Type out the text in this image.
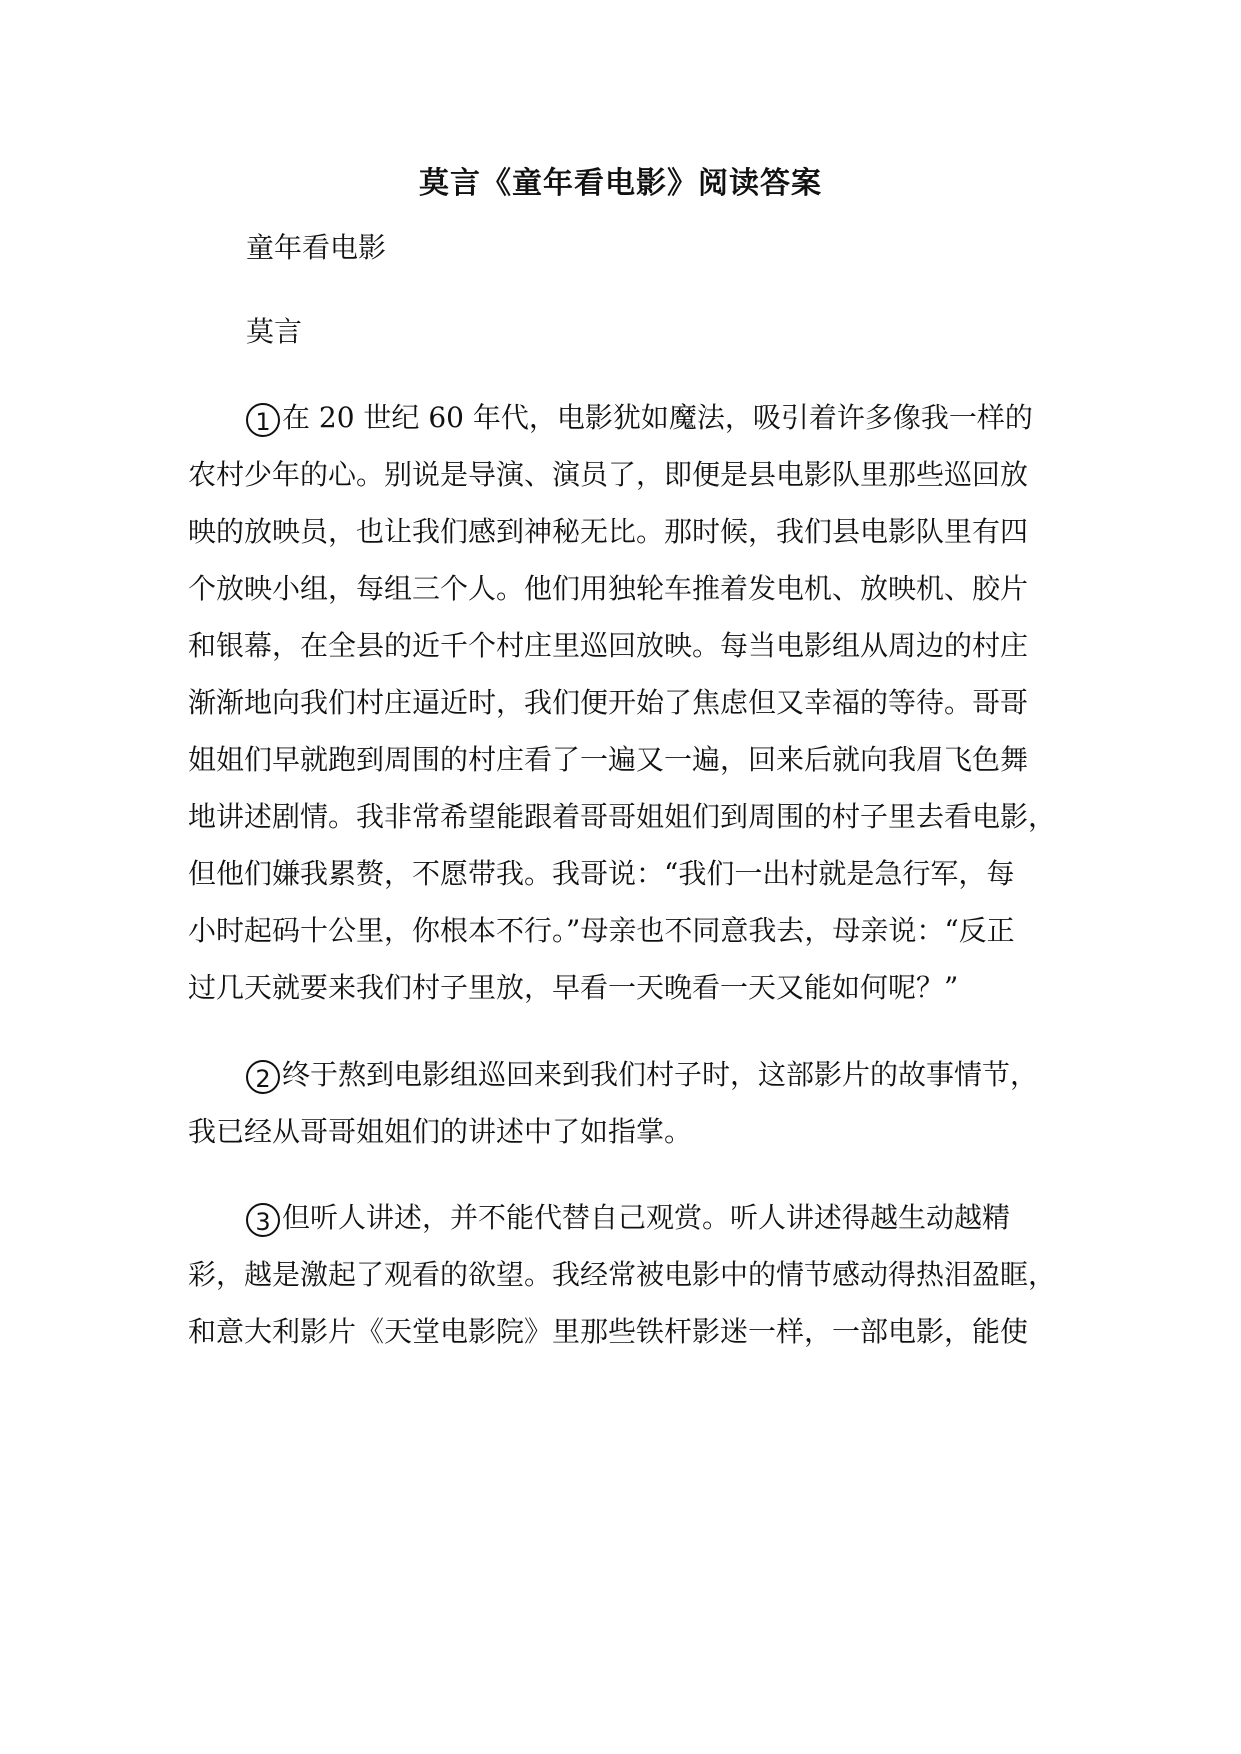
莫言《童年看电影》阅读答案

童年看电影

莫言

1 在 20 世纪 60 年代，电影犹如魔法，吸引着许多像我一样的

农村少年的心。别说是导演、演员了，即便是县电影队里那些巡回放

映的放映员，也让我们感到神秘无比。那时候，我们县电影队里有四

个放映小组，每组三个人。他们用独轮车推着发电机、放映机、胶片

和银幕，在全县的近千个村庄里巡回放映。每当电影组从周边的村庄

渐渐地向我们村庄逼近时，我们便开始了焦虑但又幸福的等待。哥哥

姐姐们早就跑到周围的村庄看了一遍又一遍，回来后就向我眉飞色舞

地讲述剧情。我非常希望能跟着哥哥姐姐们到周围的村子里去看电影，

但他们嫌我累赘，不愿带我。我哥说：“我们一出村就是急行军，每

小时起码十公里，你根本不行。”母亲也不同意我去，母亲说：“反正

过几天就要来我们村子里放，早看一天晚看一天又能如何呢？”

2 终于熬到电影组巡回来到我们村子时，这部影片的故事情节，

我已经从哥哥姐姐们的讲述中了如指掌。

3 但听人讲述，并不能代替自己观赏。听人讲述得越生动越精

彩，越是激起了观看的欲望。我经常被电影中的情节感动得热泪盈眶，

和意大利影片《天堂电影院》里那些铁杆影迷一样，一部电影，能使
